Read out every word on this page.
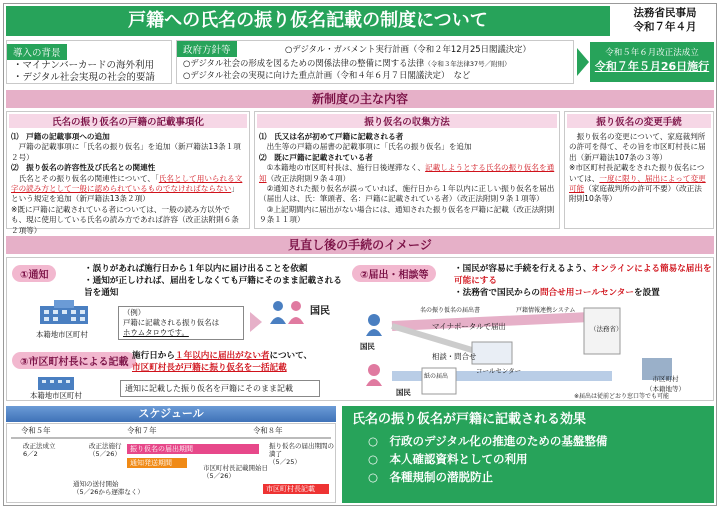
戸籍への氏名の振り仮名記載の制度について	法務省民事局
令和７年４月
導入の背景
・マイナンバーカードの海外利用
・デジタル社会実現の社会的要請
政府方針等	○デジタル・ガバメント実行計画（令和２年12月25日閣議決定）
○デジタル社会の形成を図るための関係法律の整備に関する法律（令和３年法律37号／附則）
○デジタル社会の実現に向けた重点計画（令和４年６月７日閣議決定）　など
令和５年６月改正法成立
令和７年５月26日施行
新制度の主な内容
氏名の振り仮名の戸籍の記載事項化
⑴　戸籍の記載事項への追加
　戸籍の記載事項に「氏名の振り仮名」を追加（新戸籍法13条１項２号）
⑵　振り仮名の許容性及び氏名との関連性
　氏名とその振り仮名の関連性について、「氏名として用いられる文字の読み方として一般に認められているものでなければならない」という規定を追加（新戸籍法13条２項）
※既に戸籍に記載されている者については、一般の読み方以外でも、現に使用している氏名の読み方であれば許容（改正法附則６条２項等）
振り仮名の収集方法
⑴　氏又は名が初めて戸籍に記載される者
　出生等の戸籍の届書の記載事項に「氏名の振り仮名」を追加
⑵　既に戸籍に記載されている者
　①本籍地の市区町村長は、施行日後遅滞なく、記載しようとする氏名の振り仮名を通知（改正法附則９条４項）
　②通知された振り仮名が誤っていれば、施行日から１年以内に正しい振り仮名を届出（届出人は、氏：筆頭者、名：戸籍に記載されている者）（改正法附則９条１項等）
　③上記期間内に届出がない場合には、通知された振り仮名を戸籍に記載（改正法附則９条１１項）
振り仮名の変更手続
　振り仮名の変更について、家庭裁判所の許可を得て、その旨を市区町村長に届出（新戸籍法107条の３等）
※市区町村長記載をされた振り仮名については、一度に限り、届出によって変更可能（家庭裁判所の許可不要）（改正法附則10条等）
見直し後の手続のイメージ
①通知
・誤りがあれば施行日から１年以内に届け出ることを依頼
・通知が正しければ、届出をしなくても戸籍にそのまま記載される旨を通知
本籍地市区町村
（例）
戸籍に記載される振り仮名は
ホウムタロウです。
国民
③市区町村長による記載
施行日から１年以内に届出がない者について、
市区町村長が戸籍に振り仮名を一括記載
本籍地市区町村
通知に記載した振り仮名を戸籍にそのまま記載
②届出・相談等
・国民が容易に手続を行えるよう、オンラインによる簡易な届出を可能にする
・法務省で国民からの問合せ用コールセンターを設置
国民
国民
マイナポータルで届出
名の振り仮名の届出書	戸籍情報連携システム
相談・問合せ
コールセンター
（法務省）
紙の届出	市区町村
（本籍地等）
※届出は従前どおり窓口等でも可能
スケジュール
令和５年	令和７年	令和８年
改正法成立
6／2
改正法施行
（5／26）
振り仮名の届出期間
通知発送期間
振り仮名の届出期間の満了
（5／25）
市区町村長記載開始日
（5／26）
市区町村長記載
通知の送付開始
（5／26から遅滞なく）
氏名の振り仮名が戸籍に記載される効果
○　行政のデジタル化の推進のための基盤整備
○　本人確認資料としての利用
○　各種規制の潜脱防止
